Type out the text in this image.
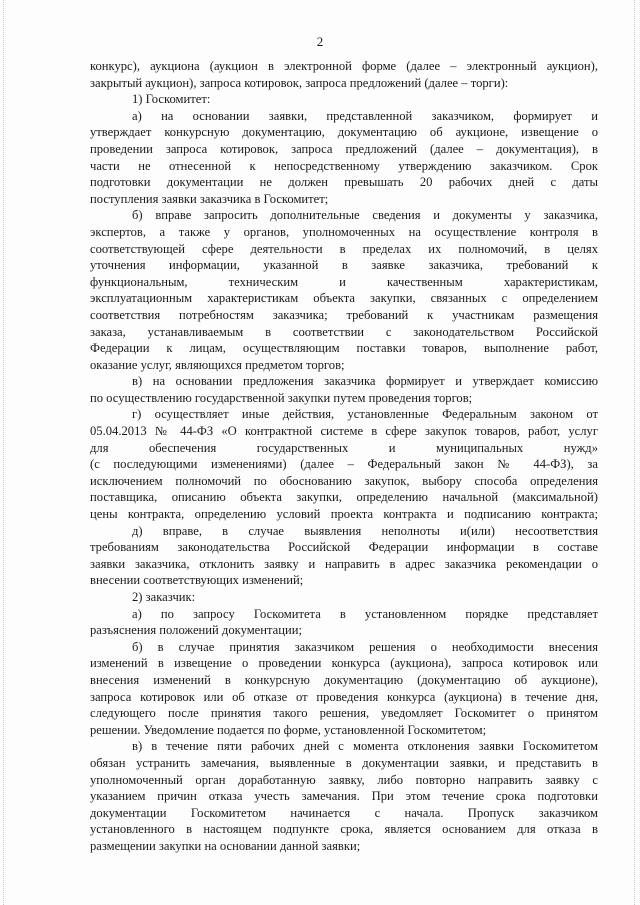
2
конкурс), аукциона (аукцион в электронной форме (далее – электронный аукцион),
закрытый аукцион), запроса котировок, запроса предложений (далее – торги):
1) Госкомитет:
а) на основании заявки, представленной заказчиком, формирует и
утверждает конкурсную документацию, документацию об аукционе, извещение о
проведении запроса котировок, запроса предложений (далее – документация), в
части не отнесенной к непосредственному утверждению заказчиком. Срок
подготовки документации не должен превышать 20 рабочих дней с даты
поступления заявки заказчика в Госкомитет;
б) вправе запросить дополнительные сведения и документы у заказчика,
экспертов, а также у органов, уполномоченных на осуществление контроля в
соответствующей сфере деятельности в пределах их полномочий, в целях
уточнения информации, указанной в заявке заказчика, требований к
функциональным, техническим и качественным характеристикам,
эксплуатационным характеристикам объекта закупки, связанных с определением
соответствия потребностям заказчика; требований к участникам размещения
заказа, устанавливаемым в соответствии с законодательством Российской
Федерации к лицам, осуществляющим поставки товаров, выполнение работ,
оказание услуг, являющихся предметом торгов;
в) на основании предложения заказчика формирует и утверждает комиссию
по осуществлению государственной закупки путем проведения торгов;
г) осуществляет иные действия, установленные Федеральным законом от
05.04.2013 № 44-ФЗ «О контрактной системе в сфере закупок товаров, работ, услуг
для обеспечения государственных и муниципальных нужд»
(с последующими изменениями) (далее – Федеральный закон № 44-ФЗ), за
исключением полномочий по обоснованию закупок, выбору способа определения
поставщика, описанию объекта закупки, определению начальной (максимальной)
цены контракта, определению условий проекта контракта и подписанию контракта;
д) вправе, в случае выявления неполноты и(или) несоответствия
требованиям законодательства Российской Федерации информации в составе
заявки заказчика, отклонить заявку и направить в адрес заказчика рекомендации о
внесении соответствующих изменений;
2) заказчик:
а) по запросу Госкомитета в установленном порядке представляет
разъяснения положений документации;
б) в случае принятия заказчиком решения о необходимости внесения
изменений в извещение о проведении конкурса (аукциона), запроса котировок или
внесения изменений в конкурсную документацию (документацию об аукционе),
запроса котировок или об отказе от проведения конкурса (аукциона) в течение дня,
следующего после принятия такого решения, уведомляет Госкомитет о принятом
решении. Уведомление подается по форме, установленной Госкомитетом;
в) в течение пяти рабочих дней с момента отклонения заявки Госкомитетом
обязан устранить замечания, выявленные в документации заявки, и представить в
уполномоченный орган доработанную заявку, либо повторно направить заявку с
указанием причин отказа учесть замечания. При этом течение срока подготовки
документации Госкомитетом начинается с начала. Пропуск заказчиком
установленного в настоящем подпункте срока, является основанием для отказа в
размещении закупки на основании данной заявки;
